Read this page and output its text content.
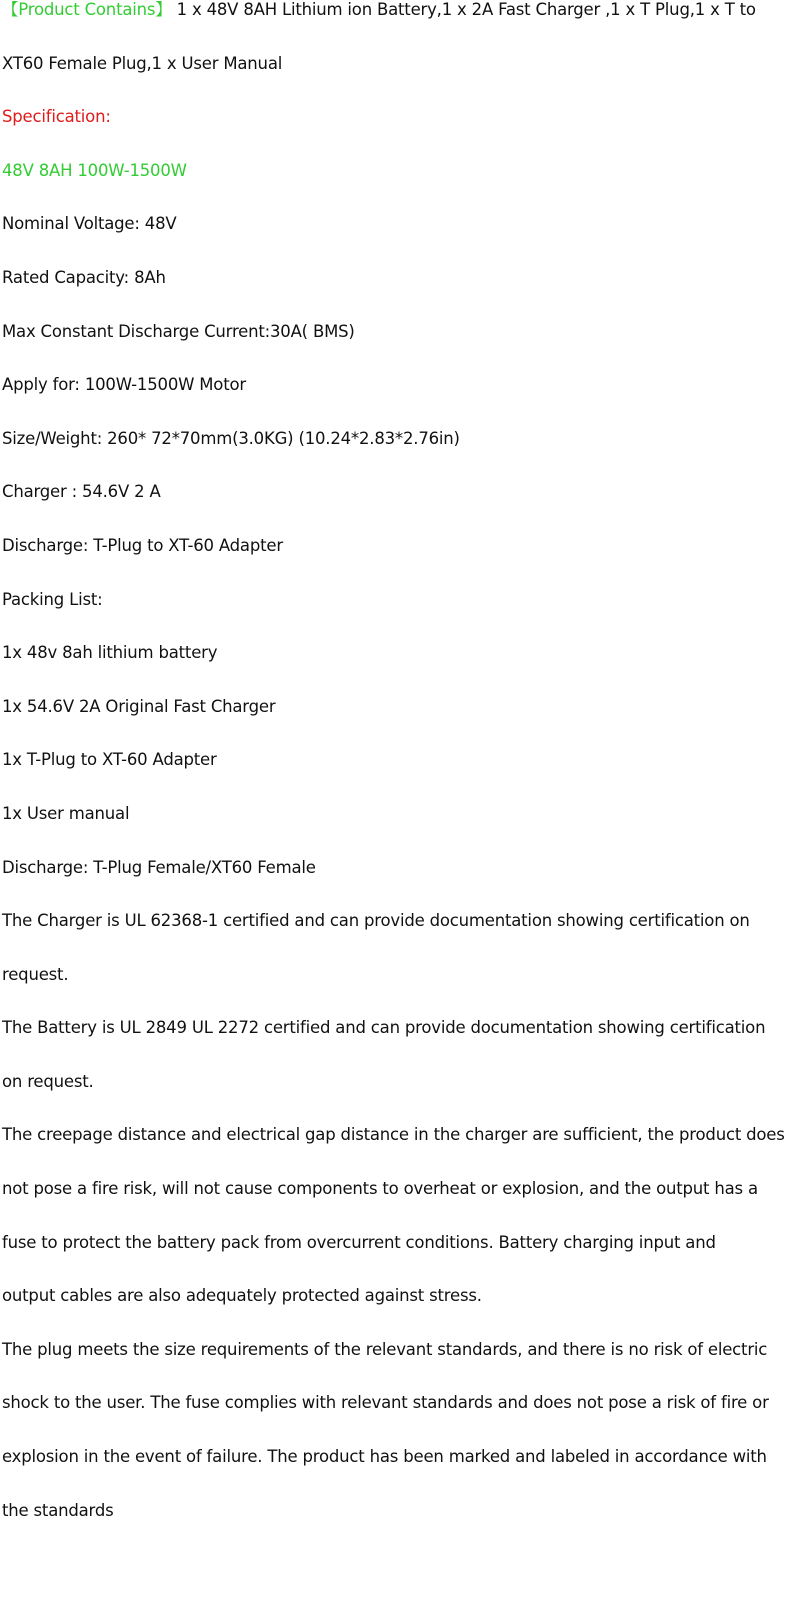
【Product Contains】 1 x 48V 8AH Lithium ion Battery,1 x 2A Fast Charger ,1 x T Plug,1 x T to

XT60 Female Plug,1 x User Manual

Specification:

48V 8AH 100W-1500W

Nominal Voltage: 48V

Rated Capacity: 8Ah

Max Constant Discharge Current:30A( BMS)

Apply for: 100W-1500W Motor

Size/Weight: 260* 72*70mm(3.0KG) (10.24*2.83*2.76in)

Charger : 54.6V 2 A

Discharge: T-Plug to XT-60 Adapter

Packing List:

1x 48v 8ah lithium battery

1x 54.6V 2A Original Fast Charger

1x T-Plug to XT-60 Adapter

1x User manual

Discharge: T-Plug Female/XT60 Female

The Charger is UL 62368-1 certified and can provide documentation showing certification on

request.

The Battery is UL 2849 UL 2272 certified and can provide documentation showing certification

on request.

The creepage distance and electrical gap distance in the charger are sufficient, the product does

not pose a fire risk, will not cause components to overheat or explosion, and the output has a

fuse to protect the battery pack from overcurrent conditions. Battery charging input and

output cables are also adequately protected against stress.

The plug meets the size requirements of the relevant standards, and there is no risk of electric

shock to the user. The fuse complies with relevant standards and does not pose a risk of fire or

explosion in the event of failure. The product has been marked and labeled in accordance with

the standards
